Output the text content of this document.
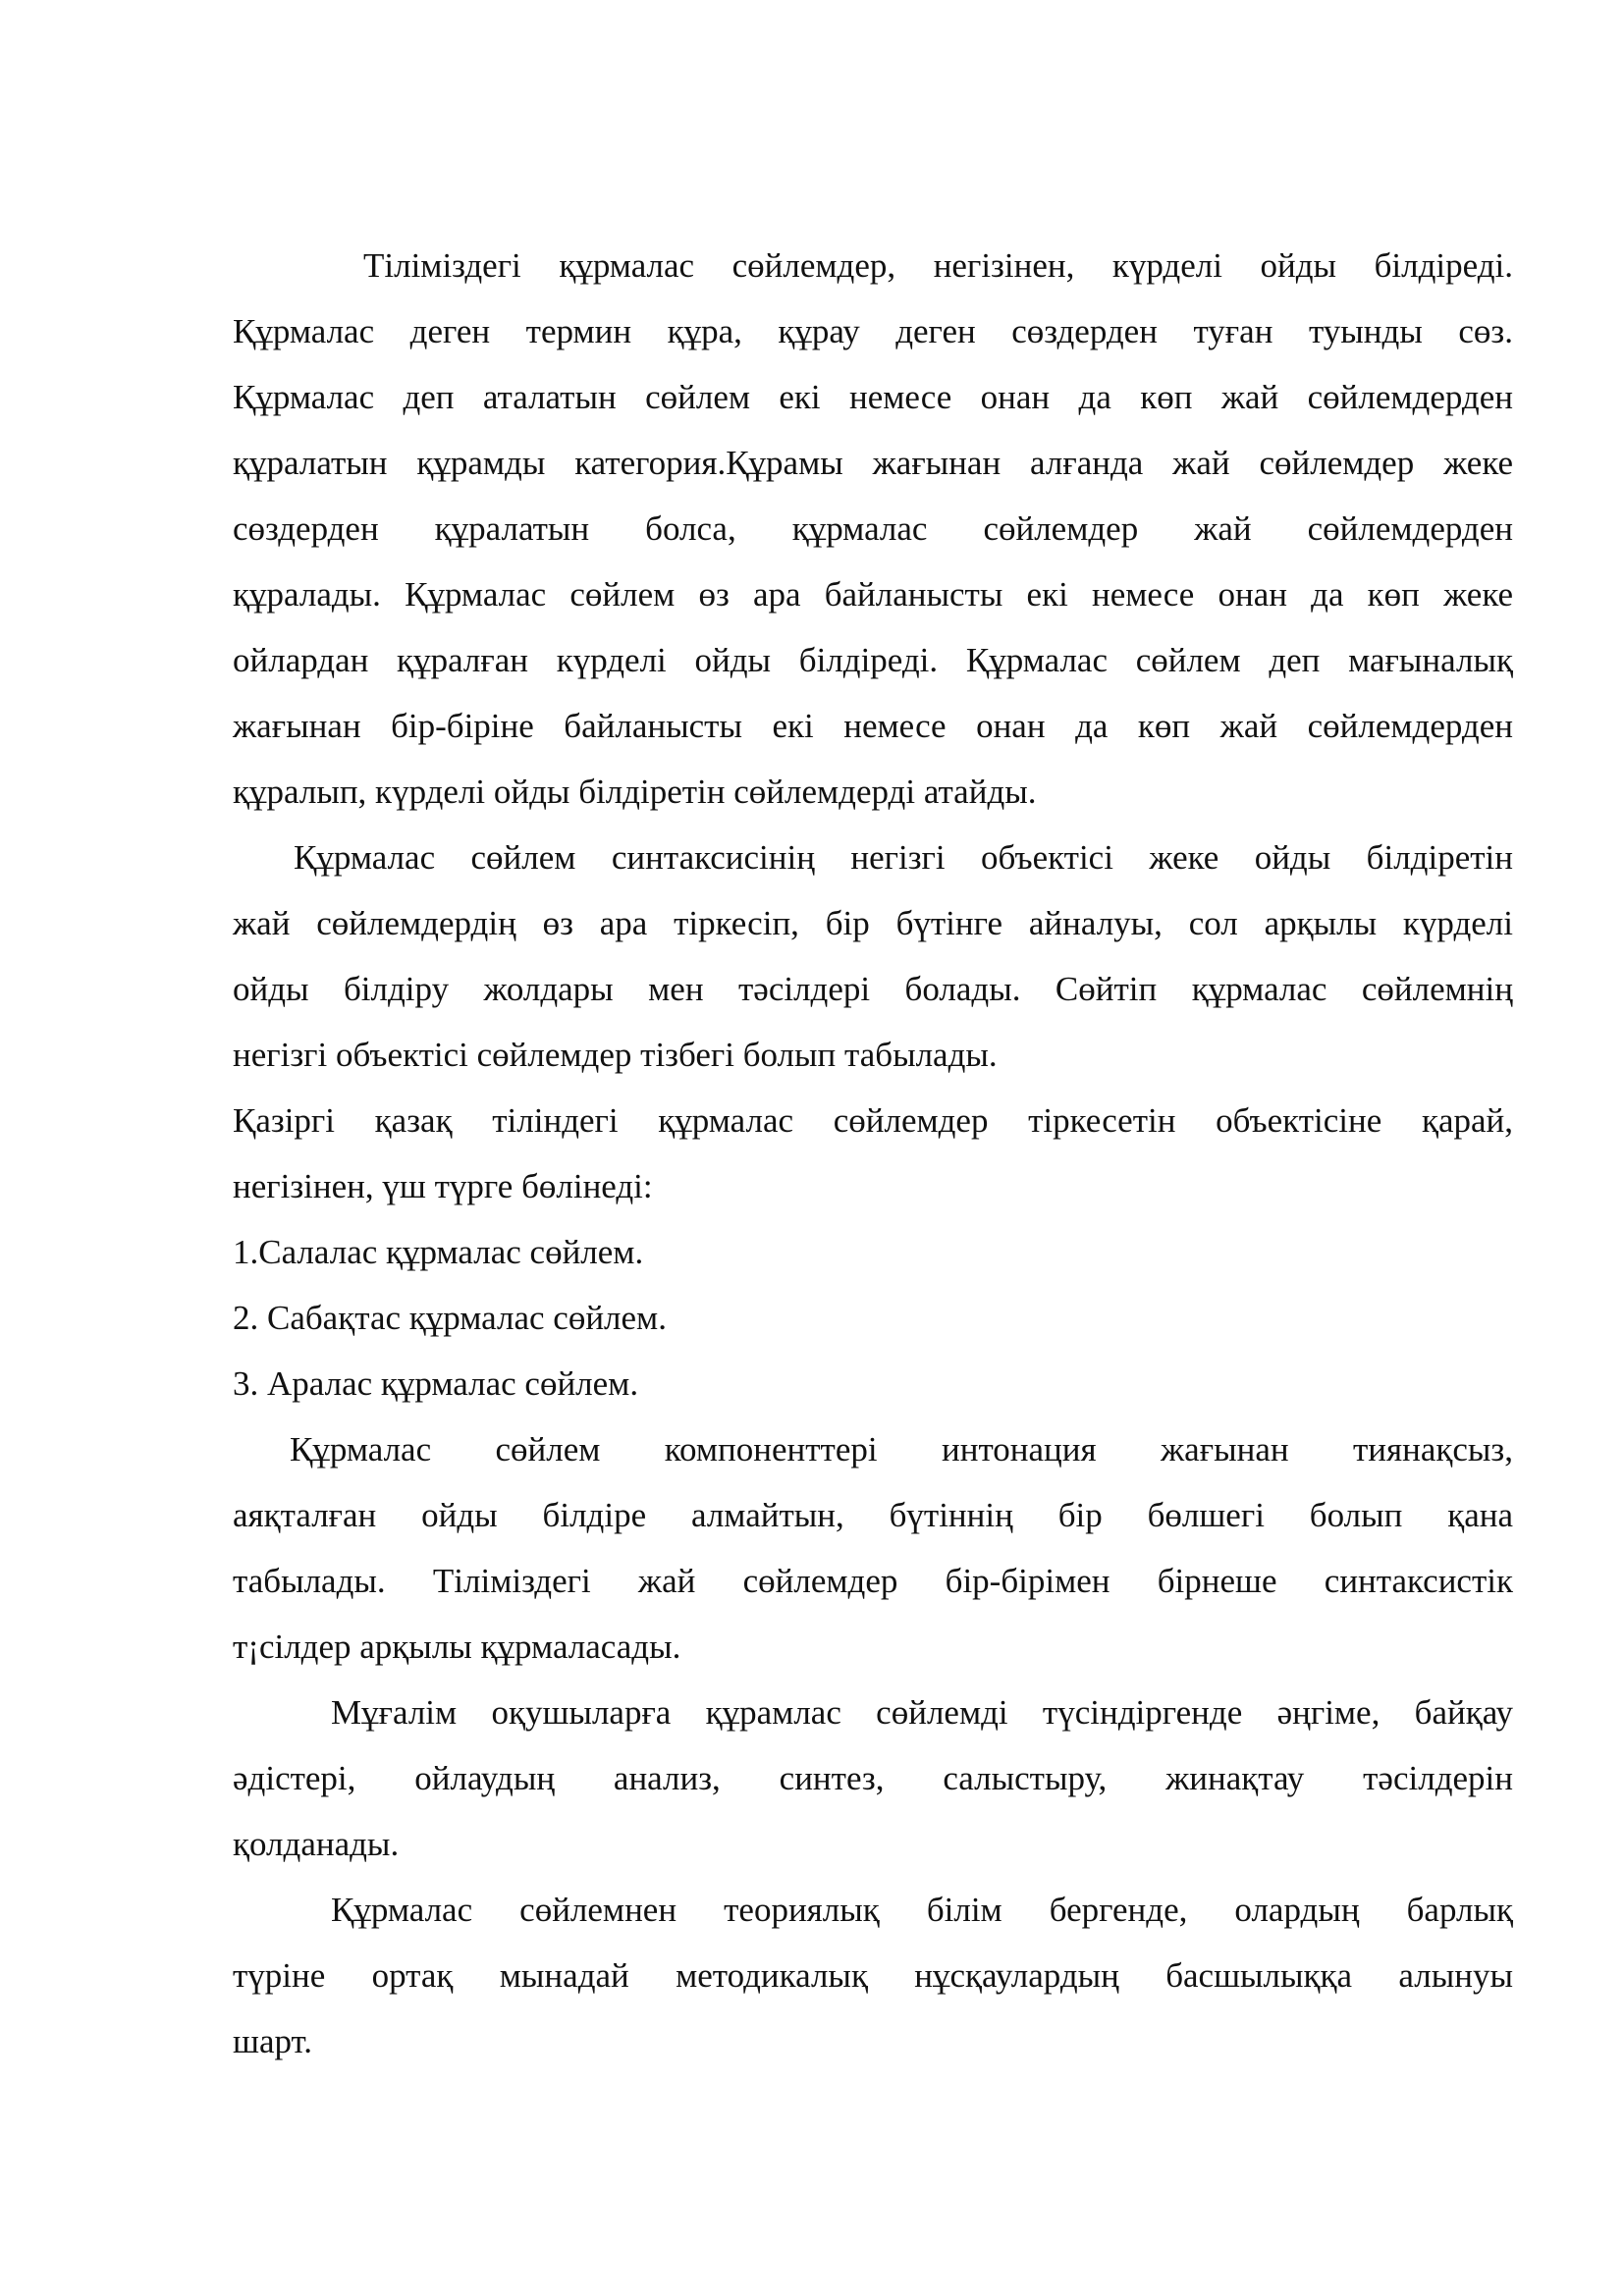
Тіліміздегі құрмалас сөйлемдер, негізінен, күрделі ойды білдіреді.
Құрмалас деген термин құра, құрау деген сөздерден туған туынды сөз.
Құрмалас деп аталатын сөйлем екі немесе онан да көп жай сөйлемдерден
құралатын құрамды категория.Құрамы жағынан алғанда жай сөйлемдер жеке
сөздерден құралатын болса, құрмалас сөйлемдер жай сөйлемдерден
құралады. Құрмалас сөйлем өз ара байланысты екі немесе онан да көп жеке
ойлардан құралған күрделі ойды білдіреді. Құрмалас сөйлем деп мағыналық
жағынан бір-біріне байланысты екі немесе онан да көп жай сөйлемдерден
құралып, күрделі ойды білдіретін сөйлемдерді атайды.
Құрмалас сөйлем синтаксисінің негізгі объектісі жеке ойды білдіретін
жай сөйлемдердің өз ара тіркесіп, бір бүтінге айналуы, сол арқылы күрделі
ойды білдіру жолдары мен тәсілдері болады. Сөйтіп құрмалас сөйлемнің
негізгі объектісі сөйлемдер тізбегі болып табылады.
Қазіргі қазақ тіліндегі құрмалас сөйлемдер тіркесетін объектісіне қарай,
негізінен, үш түрге бөлінеді:
1.Салалас құрмалас сөйлем.
2. Сабақтас құрмалас сөйлем.
3. Аралас құрмалас сөйлем.
Құрмалас сөйлем компоненттері интонация жағынан тиянақсыз,
аяқталған ойды білдіре алмайтын, бүтіннің бір бөлшегі болып қана
табылады. Тіліміздегі жай сөйлемдер бір-бірімен бірнеше синтаксистік
т¡сілдер арқылы құрмаласады.
Мұғалім оқушыларға құрамлас сөйлемді түсіндіргенде әңгіме, байқау
әдістері, ойлаудың анализ, синтез, салыстыру, жинақтау тәсілдерін
қолданады.
Құрмалас сөйлемнен теориялық білім бергенде, олардың барлық
түріне ортақ мынадай методикалық нұсқаулардың басшылыққа алынуы
шарт.
